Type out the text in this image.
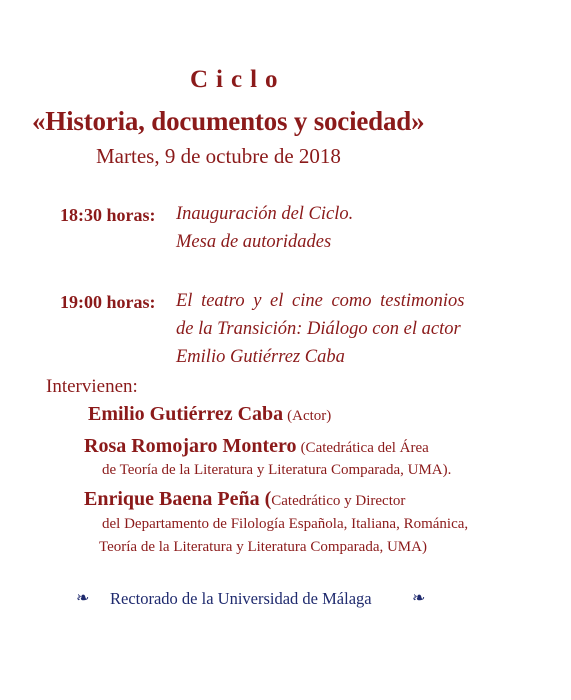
Ciclo
«Historia, documentos y sociedad»
Martes, 9 de octubre de 2018
18:30 horas: Inauguración del Ciclo.
Mesa de autoridades
19:00 horas: El teatro y el cine como testimonios
de la Transición: Diálogo con el actor
Emilio Gutiérrez Caba
Intervienen:
Emilio Gutiérrez Caba (Actor)
Rosa Romojaro Montero (Catedrática del Área
de Teoría de la Literatura y Literatura Comparada, UMA).
Enrique Baena Peña (Catedrático y Director
del Departamento de Filología Española, Italiana, Románica,
Teoría de la Literatura y Literatura Comparada, UMA)
❧ Rectorado de la Universidad de Málaga	❧
